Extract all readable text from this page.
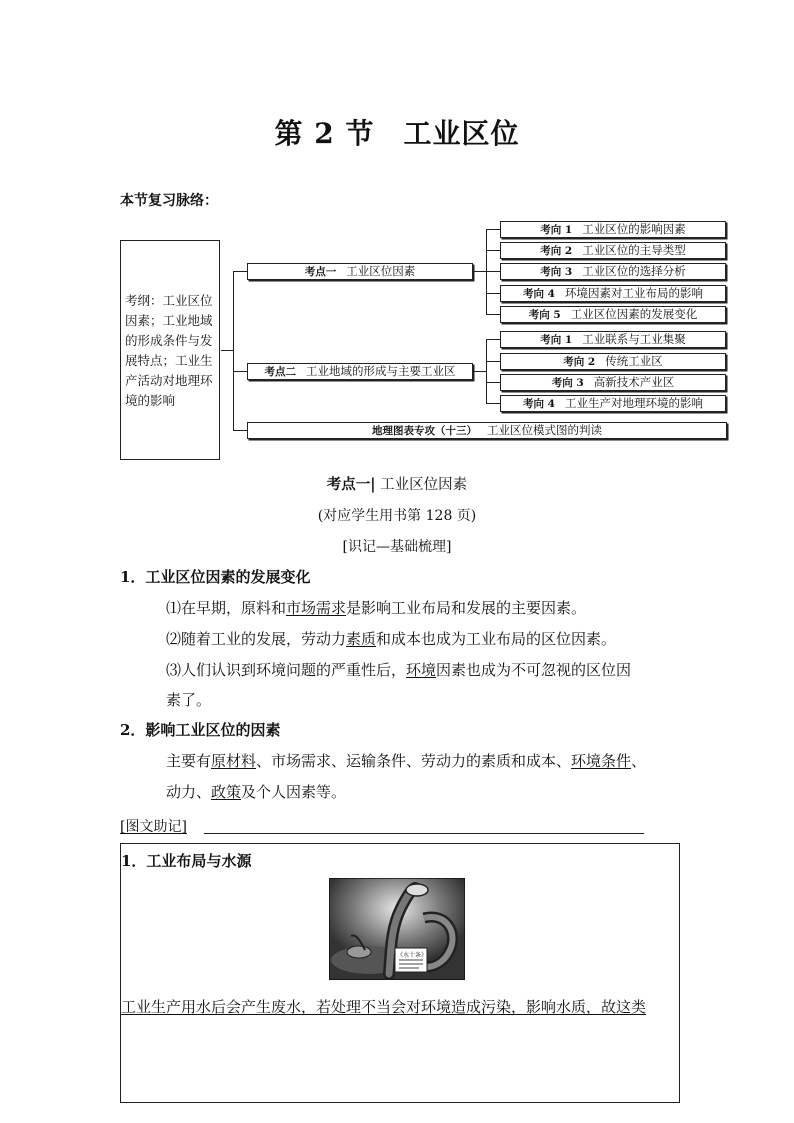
第 2 节　工业区位
本节复习脉络：
考纲：工业区位因素；工业地域的形成条件与发展特点；工业生产活动对地理环境的影响
考点一 工业区位因素
考向 1 工业区位的影响因素
考向 2 工业区位的主导类型
考向 3 工业区位的选择分析
考向 4 环境因素对工业布局的影响
考向 5 工业区位因素的发展变化
考点二 工业地域的形成与主要工业区
考向 1 工业联系与工业集聚
考向 2 传统工业区
考向 3 高新技术产业区
考向 4 工业生产对地理环境的影响
地理图表专攻（十三） 工业区位模式图的判读
考点一| 工业区位因素
(对应学生用书第 128 页)
[识记—基础梳理]
1．工业区位因素的发展变化
⑴在早期，原料和市场需求是影响工业布局和发展的主要因素。
⑵随着工业的发展，劳动力素质和成本也成为工业布局的区位因素。
⑶人们认识到环境问题的严重性后，环境因素也成为不可忽视的区位因
素了。
2．影响工业区位的因素
主要有原材料、市场需求、运输条件、劳动力的素质和成本、环境条件、
动力、政策及个人因素等。
[图文助记]
1．工业布局与水源
《水十条》
工业生产用水后会产生废水，若处理不当会对环境造成污染，影响水质，故这类
